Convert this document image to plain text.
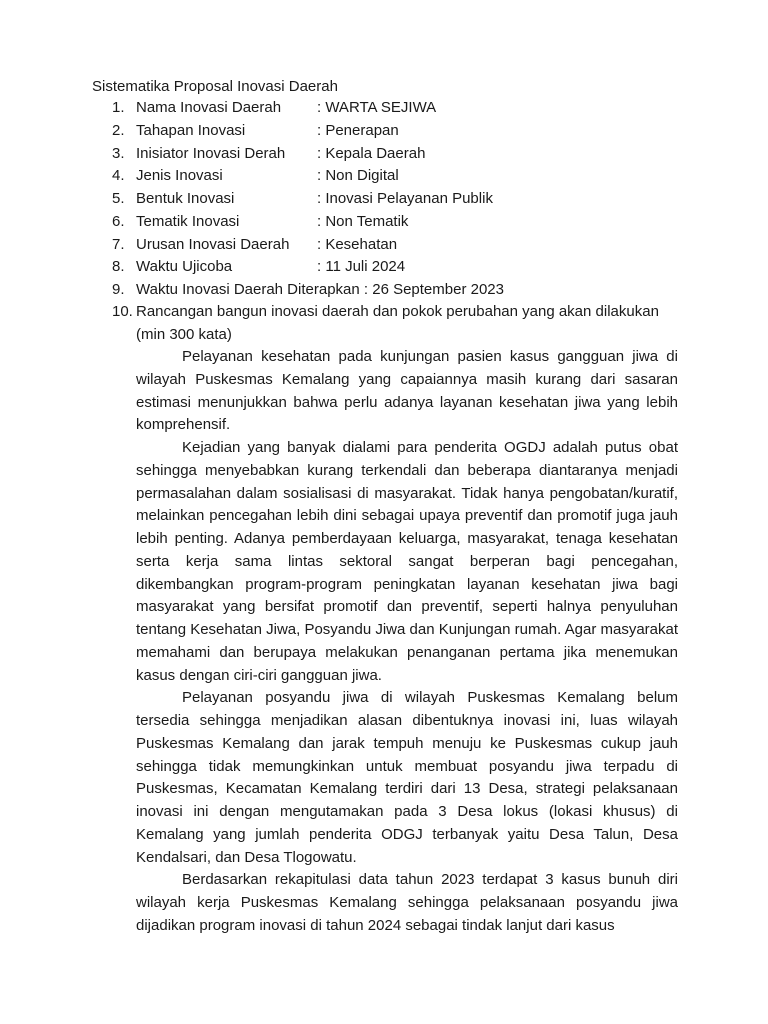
Sistematika Proposal Inovasi Daerah
1. Nama Inovasi Daerah : WARTA SEJIWA
2. Tahapan Inovasi	: Penerapan
3. Inisiator Inovasi Derah : Kepala Daerah
4. Jenis Inovasi	: Non Digital
5. Bentuk Inovasi	: Inovasi Pelayanan Publik
6. Tematik Inovasi	: Non Tematik
7. Urusan Inovasi Daerah : Kesehatan
8. Waktu Ujicoba	: 11 Juli 2024
9. Waktu Inovasi Daerah Diterapkan : 26 September 2023
10. Rancangan bangun inovasi daerah dan pokok perubahan yang akan dilakukan (min 300 kata)

Pelayanan kesehatan pada kunjungan pasien kasus gangguan jiwa di wilayah Puskesmas Kemalang yang capaiannya masih kurang dari sasaran estimasi menunjukkan bahwa perlu adanya layanan kesehatan jiwa yang lebih komprehensif.

Kejadian yang banyak dialami para penderita OGDJ adalah putus obat sehingga menyebabkan kurang terkendali dan beberapa diantaranya menjadi permasalahan dalam sosialisasi di masyarakat. Tidak hanya pengobatan/kuratif, melainkan pencegahan lebih dini sebagai upaya preventif dan promotif juga jauh lebih penting. Adanya pemberdayaan keluarga, masyarakat, tenaga kesehatan serta kerja sama lintas sektoral sangat berperan bagi pencegahan, dikembangkan program-program peningkatan layanan kesehatan jiwa bagi masyarakat yang bersifat promotif dan preventif, seperti halnya penyuluhan tentang Kesehatan Jiwa, Posyandu Jiwa dan Kunjungan rumah. Agar masyarakat memahami dan berupaya melakukan penanganan pertama jika menemukan kasus dengan ciri-ciri gangguan jiwa.

Pelayanan posyandu jiwa di wilayah Puskesmas Kemalang belum tersedia sehingga menjadikan alasan dibentuknya inovasi ini, luas wilayah Puskesmas Kemalang dan jarak tempuh menuju ke Puskesmas cukup jauh sehingga tidak memungkinkan untuk membuat posyandu jiwa terpadu di Puskesmas, Kecamatan Kemalang terdiri dari 13 Desa, strategi pelaksanaan inovasi ini dengan mengutamakan pada 3 Desa lokus (lokasi khusus) di Kemalang yang jumlah penderita ODGJ terbanyak yaitu Desa Talun, Desa Kendalsari, dan Desa Tlogowatu.

Berdasarkan rekapitulasi data tahun 2023 terdapat 3 kasus bunuh diri wilayah kerja Puskesmas Kemalang sehingga pelaksanaan posyandu jiwa dijadikan program inovasi di tahun 2024 sebagai tindak lanjut dari kasus
